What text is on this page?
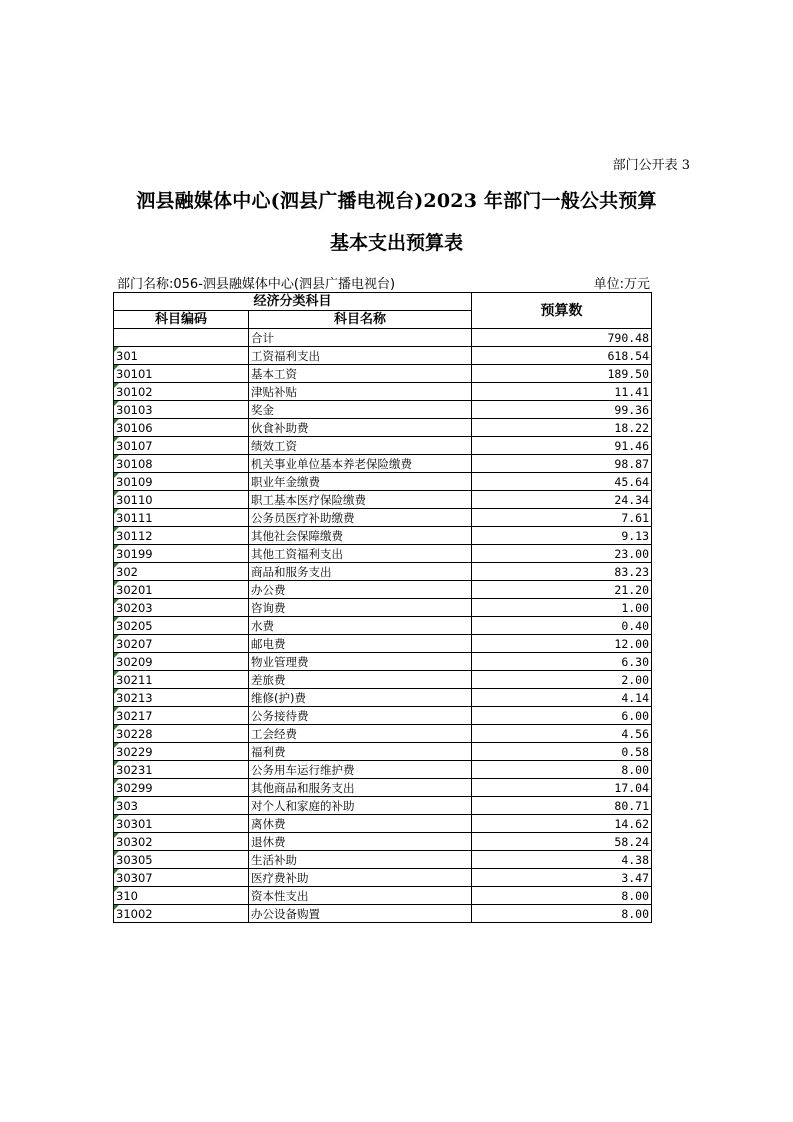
部门公开表 3
泗县融媒体中心(泗县广播电视台)2023 年部门一般公共预算
基本支出预算表
部门名称:056-泗县融媒体中心(泗县广播电视台)	单位:万元
经济分类科目		预算数
科目编码	科目名称	
	合计	790.48
301	工资福利支出	618.54
30101	基本工资	189.50
30102	津贴补贴	11.41
30103	奖金	99.36
30106	伙食补助费	18.22
30107	绩效工资	91.46
30108	机关事业单位基本养老保险缴费	98.87
30109	职业年金缴费	45.64
30110	职工基本医疗保险缴费	24.34
30111	公务员医疗补助缴费	7.61
30112	其他社会保障缴费	9.13
30199	其他工资福利支出	23.00
302	商品和服务支出	83.23
30201	办公费	21.20
30203	咨询费	1.00
30205	水费	0.40
30207	邮电费	12.00
30209	物业管理费	6.30
30211	差旅费	2.00
30213	维修(护)费	4.14
30217	公务接待费	6.00
30228	工会经费	4.56
30229	福利费	0.58
30231	公务用车运行维护费	8.00
30299	其他商品和服务支出	17.04
303	对个人和家庭的补助	80.71
30301	离休费	14.62
30302	退休费	58.24
30305	生活补助	4.38
30307	医疗费补助	3.47
310	资本性支出	8.00
31002	办公设备购置	8.00
